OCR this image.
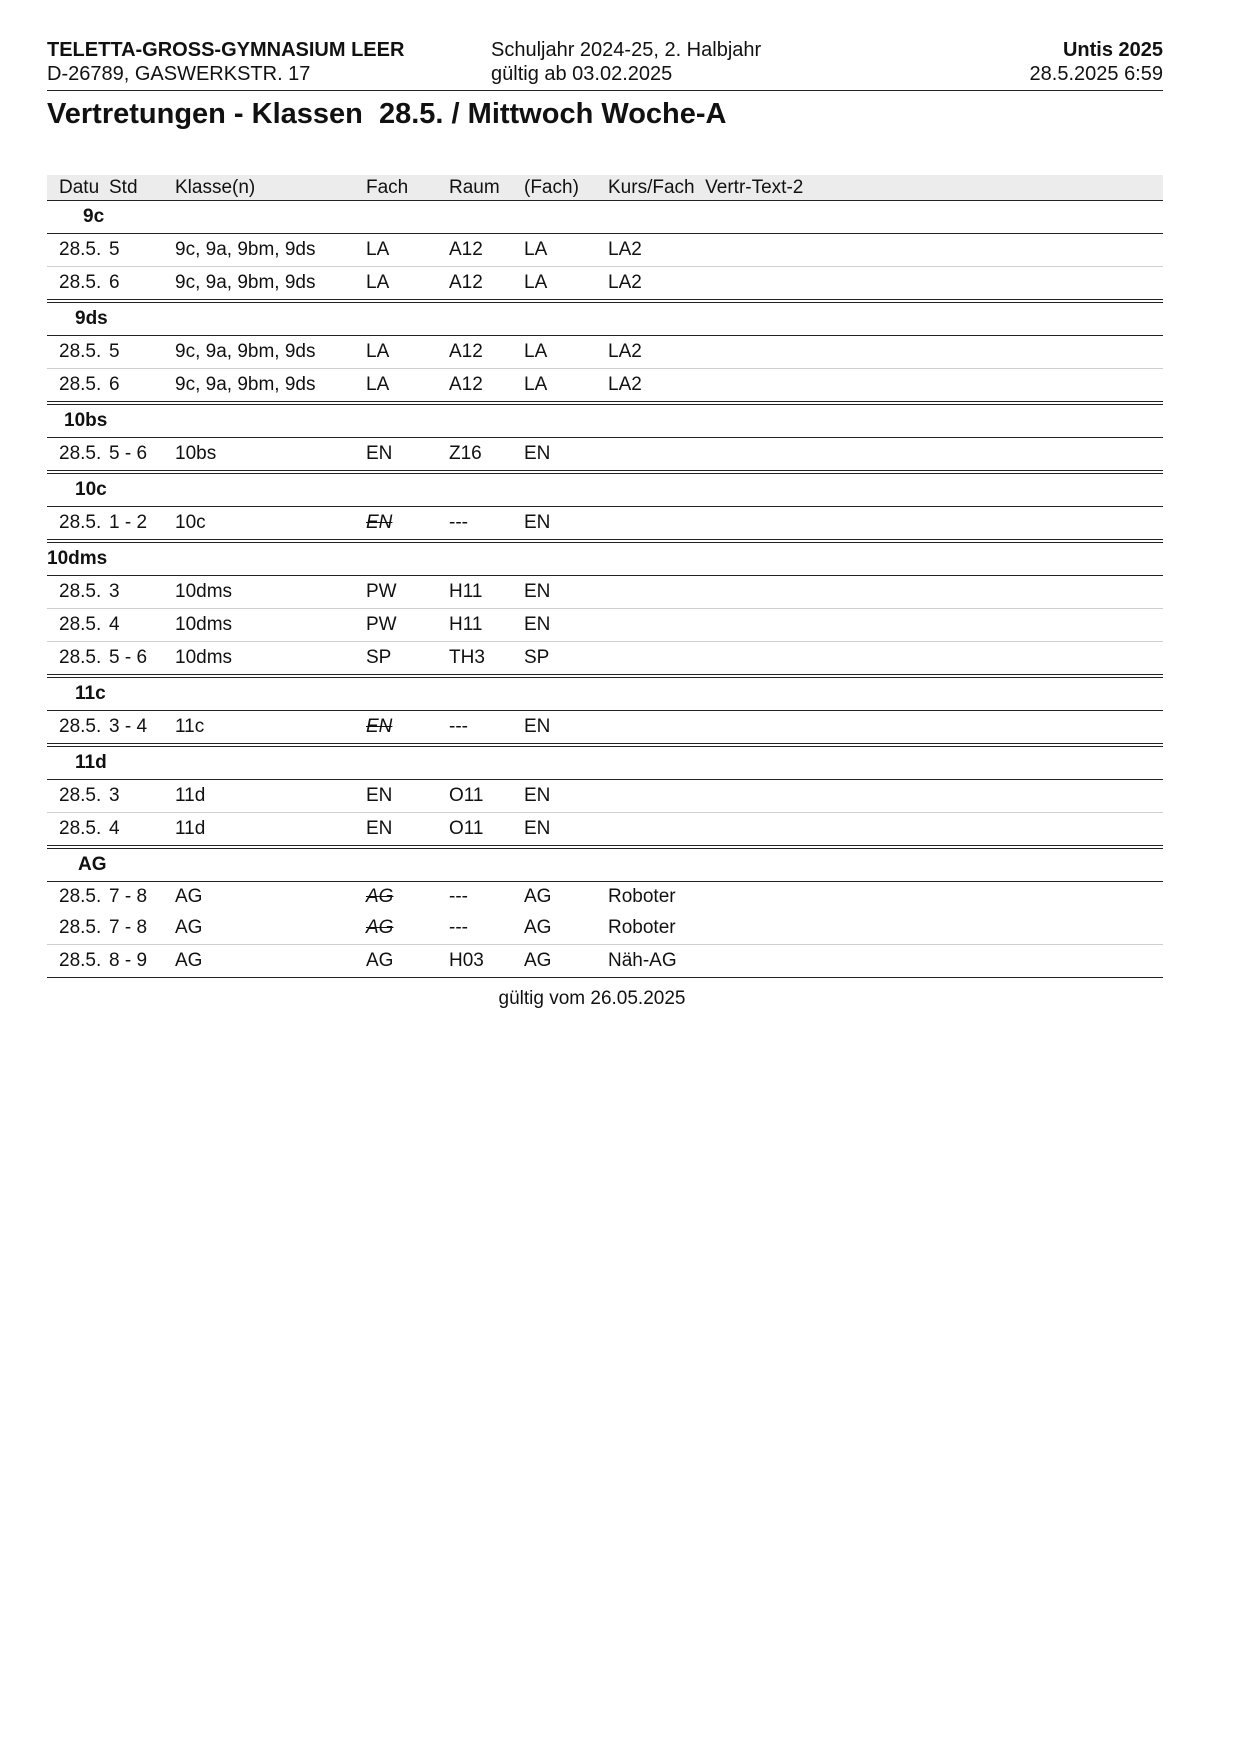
TELETTA-GROSS-GYMNASIUM LEER
D-26789, GASWERKSTR. 17
Schuljahr 2024-25, 2. Halbjahr
gültig ab 03.02.2025
Untis 2025
28.5.2025 6:59
Vertretungen - Klassen  28.5. / Mittwoch Woche-A
Datu Std Klasse(n)	Fach Raum (Fach) Kurs/Fach  Vertr-Text-2
9c
28.5. 5	9c, 9a, 9bm, 9ds	LA	A12 LA	LA2
28.5. 6	9c, 9a, 9bm, 9ds	LA	A12 LA	LA2
9ds
28.5. 5	9c, 9a, 9bm, 9ds	LA	A12 LA	LA2
28.5. 6	9c, 9a, 9bm, 9ds	LA	A12 LA	LA2
10bs
28.5. 5 - 6 10bs	EN	Z16 EN
10c
28.5. 1 - 2 10c	EN	---	EN
10dms
28.5. 3	10dms	PW	H11 EN
28.5. 4	10dms	PW	H11 EN
28.5. 5 - 6 10dms	SP	TH3 SP
11c
28.5. 3 - 4 11c	EN	---	EN
11d
28.5. 3	11d	EN	O11 EN
28.5. 4	11d	EN	O11 EN
AG
28.5. 7 - 8 AG	AG	---	AG	Roboter
28.5. 7 - 8 AG	AG	---	AG	Roboter
28.5. 8 - 9 AG	AG	H03 AG	Näh-AG
gültig vom 26.05.2025
